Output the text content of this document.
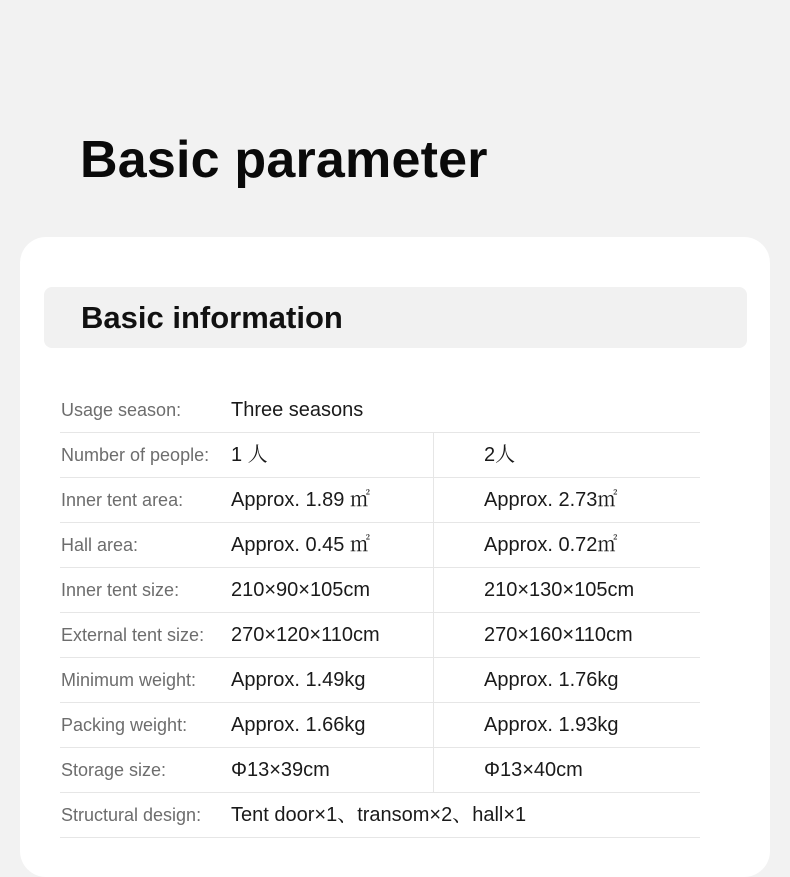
Basic parameter
Basic information
Usage season: Three seasons
Number of people: 1 人	2人
Inner tent area: Approx. 1.89 ㎡	Approx. 2.73㎡
Hall area:	Approx. 0.45 ㎡	Approx. 0.72㎡
Inner tent size:	210×90×105cm	210×130×105cm
External tent size: 270×120×110cm	270×160×110cm
Minimum weight: Approx. 1.49kg	Approx. 1.76kg
Packing weight: Approx. 1.66kg	Approx. 1.93kg
Storage size:	Φ13×39cm	Φ13×40cm
Structural design: Tent door×1、transom×2、hall×1
